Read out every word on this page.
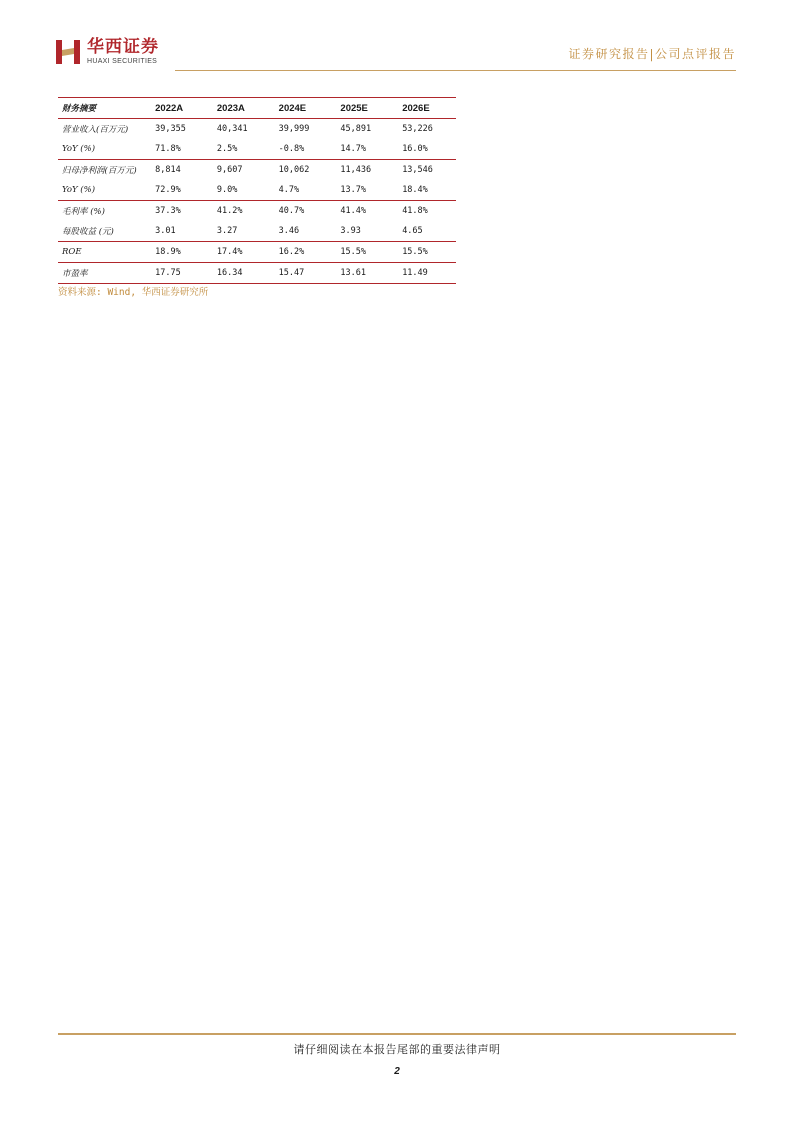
华西证券
HUAXI SECURITIES
证券研究报告|公司点评报告
财务摘要	2022A	2023A	2024E	2025E	2026E
营业收入(百万元)	39,355	40,341	39,999	45,891	53,226
YoY (%)	71.8%	2.5%	-0.8%	14.7%	16.0%
归母净利润(百万元)	8,814	9,607	10,062	11,436	13,546
YoY (%)	72.9%	9.0%	4.7%	13.7%	18.4%
毛利率 (%)	37.3%	41.2%	40.7%	41.4%	41.8%
每股收益 (元)	3.01	3.27	3.46	3.93	4.65
ROE	18.9%	17.4%	16.2%	15.5%	15.5%
市盈率	17.75	16.34	15.47	13.61	11.49
资料来源: Wind, 华西证券研究所
请仔细阅读在本报告尾部的重要法律声明
2
